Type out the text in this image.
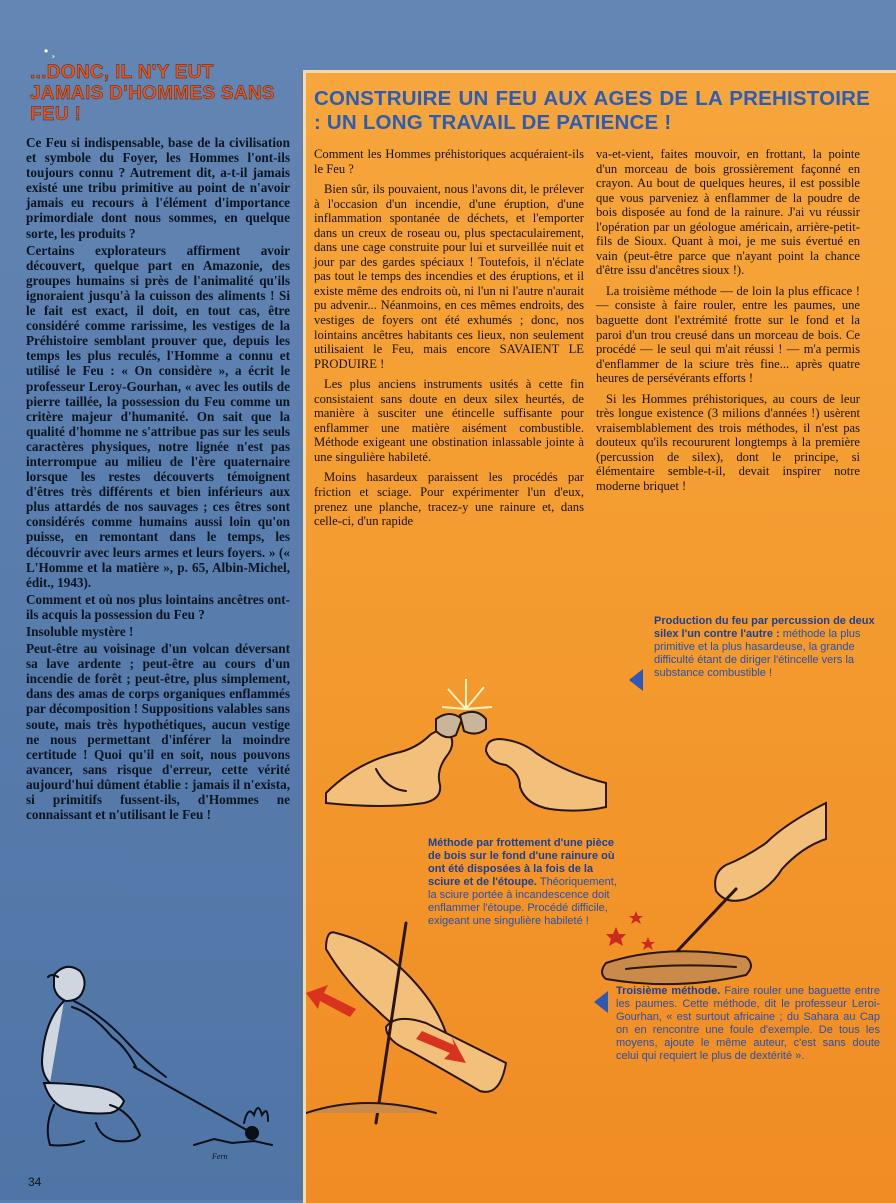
• ¸
...DONC, IL N'Y EUT JAMAIS D'HOMMES SANS FEU !

Ce Feu si indispensable, base de la civilisation et symbole du Foyer, les Hommes l'ont-ils toujours connu ? Autrement dit, a-t-il jamais existé une tribu primitive au point de n'avoir jamais eu recours à l'élément d'importance primordiale dont nous sommes, en quelque sorte, les produits ?

Certains explorateurs affirment avoir découvert, quelque part en Amazonie, des groupes humains si près de l'animalité qu'ils ignoraient jusqu'à la cuisson des aliments ! Si le fait est exact, il doit, en tout cas, être considéré comme rarissime, les vestiges de la Préhistoire semblant prouver que, depuis les temps les plus reculés, l'Homme a connu et utilisé le Feu : « On considère », a écrit le professeur Leroy-Gourhan, « avec les outils de pierre taillée, la possession du Feu comme un critère majeur d'humanité. On sait que la qualité d'homme ne s'attribue pas sur les seuls caractères physiques, notre lignée n'est pas interrompue au milieu de l'ère quaternaire lorsque les restes découverts témoignent d'êtres très différents et bien inférieurs aux plus attardés de nos sauvages ; ces êtres sont considérés comme humains aussi loin qu'on puisse, en remontant dans le temps, les découvrir avec leurs armes et leurs foyers. » (« L'Homme et la matière », p. 65, Albin-Michel, édit., 1943).

Comment et où nos plus lointains ancêtres ont-ils acquis la possession du Feu ?

Insoluble mystère !

Peut-être au voisinage d'un volcan déversant sa lave ardente ; peut-être au cours d'un incendie de forêt ; peut-être, plus simplement, dans des amas de corps organiques enflammés par décomposition ! Suppositions valables sans soute, mais très hypothétiques, aucun vestige ne nous permettant d'inférer la moindre certitude ! Quoi qu'il en soit, nous pouvons avancer, sans risque d'erreur, cette vérité aujourd'hui dûment établie : jamais il n'exista, si primitifs fussent-ils, d'Hommes ne connaissant et n'utilisant le Feu !

34
CONSTRUIRE UN FEU AUX AGES DE LA PREHISTOIRE : UN LONG TRAVAIL DE PATIENCE !

Comment les Hommes préhistoriques acquéraient-ils le Feu ?

Bien sûr, ils pouvaient, nous l'avons dit, le prélever à l'occasion d'un incendie, d'une éruption, d'une inflammation spontanée de déchets, et l'emporter dans un creux de roseau ou, plus spectaculairement, dans une cage construite pour lui et surveillée nuit et jour par des gardes spéciaux ! Toutefois, il n'éclate pas tout le temps des incendies et des éruptions, et il existe même des endroits où, ni l'un ni l'autre n'aurait pu advenir... Néanmoins, en ces mêmes endroits, des vestiges de foyers ont été exhumés ; donc, nos lointains ancêtres habitants ces lieux, non seulement utilisaient le Feu, mais encore SAVAIENT LE PRODUIRE !

Les plus anciens instruments usités à cette fin consistaient sans doute en deux silex heurtés, de manière à susciter une étincelle suffisante pour enflammer une matière aisément combustible. Méthode exigeant une obstination inlassable jointe à une singulière habileté.

Moins hasardeux paraissent les procédés par friction et sciage. Pour expérimenter l'un d'eux, prenez une planche, tracez-y une rainure et, dans celle-ci, d'un rapide

va-et-vient, faites mouvoir, en frottant, la pointe d'un morceau de bois grossièrement façonné en crayon. Au bout de quelques heures, il est possible que vous parveniez à enflammer de la poudre de bois disposée au fond de la rainure. J'ai vu réussir l'opération par un géologue américain, arrière-petit-fils de Sioux. Quant à moi, je me suis évertué en vain (peut-être parce que n'ayant point la chance d'être issu d'ancêtres sioux !).

La troisième méthode — de loin la plus efficace ! — consiste à faire rouler, entre les paumes, une baguette dont l'extrémité frotte sur le fond et la paroi d'un trou creusé dans un morceau de bois. Ce procédé — le seul qui m'ait réussi ! — m'a permis d'enflammer de la sciure très fine... après quatre heures de persévérants efforts !

Si les Hommes préhistoriques, au cours de leur très longue existence (3 milions d'années !) usèrent vraisemblablement des trois méthodes, il n'est pas douteux qu'ils recoururent longtemps à la première (percussion de silex), dont le principe, si élémentaire semble-t-il, devait inspirer notre moderne briquet !

Production du feu par percussion de deux silex l'un contre l'autre : méthode la plus primitive et la plus hasardeuse, la grande difficulté étant de diriger l'étincelle vers la substance combustible !
Méthode par frottement d'une pièce de bois sur le fond d'une rainure où ont été disposées à la fois de la sciure et de l'étoupe. Théoriquement, la sciure portée à incandescence doit enflammer l'étoupe. Procédé difficile, exigeant une singulière habileté !
Troisième méthode. Faire rouler une baguette entre les paumes. Cette méthode, dit le professeur Leroi-Gourhan, « est surtout africaine ; du Sahara au Cap on en rencontre une foule d'exemple. De tous les moyens, ajoute le même auteur, c'est sans doute celui qui requiert le plus de dextérité ».
Fern
